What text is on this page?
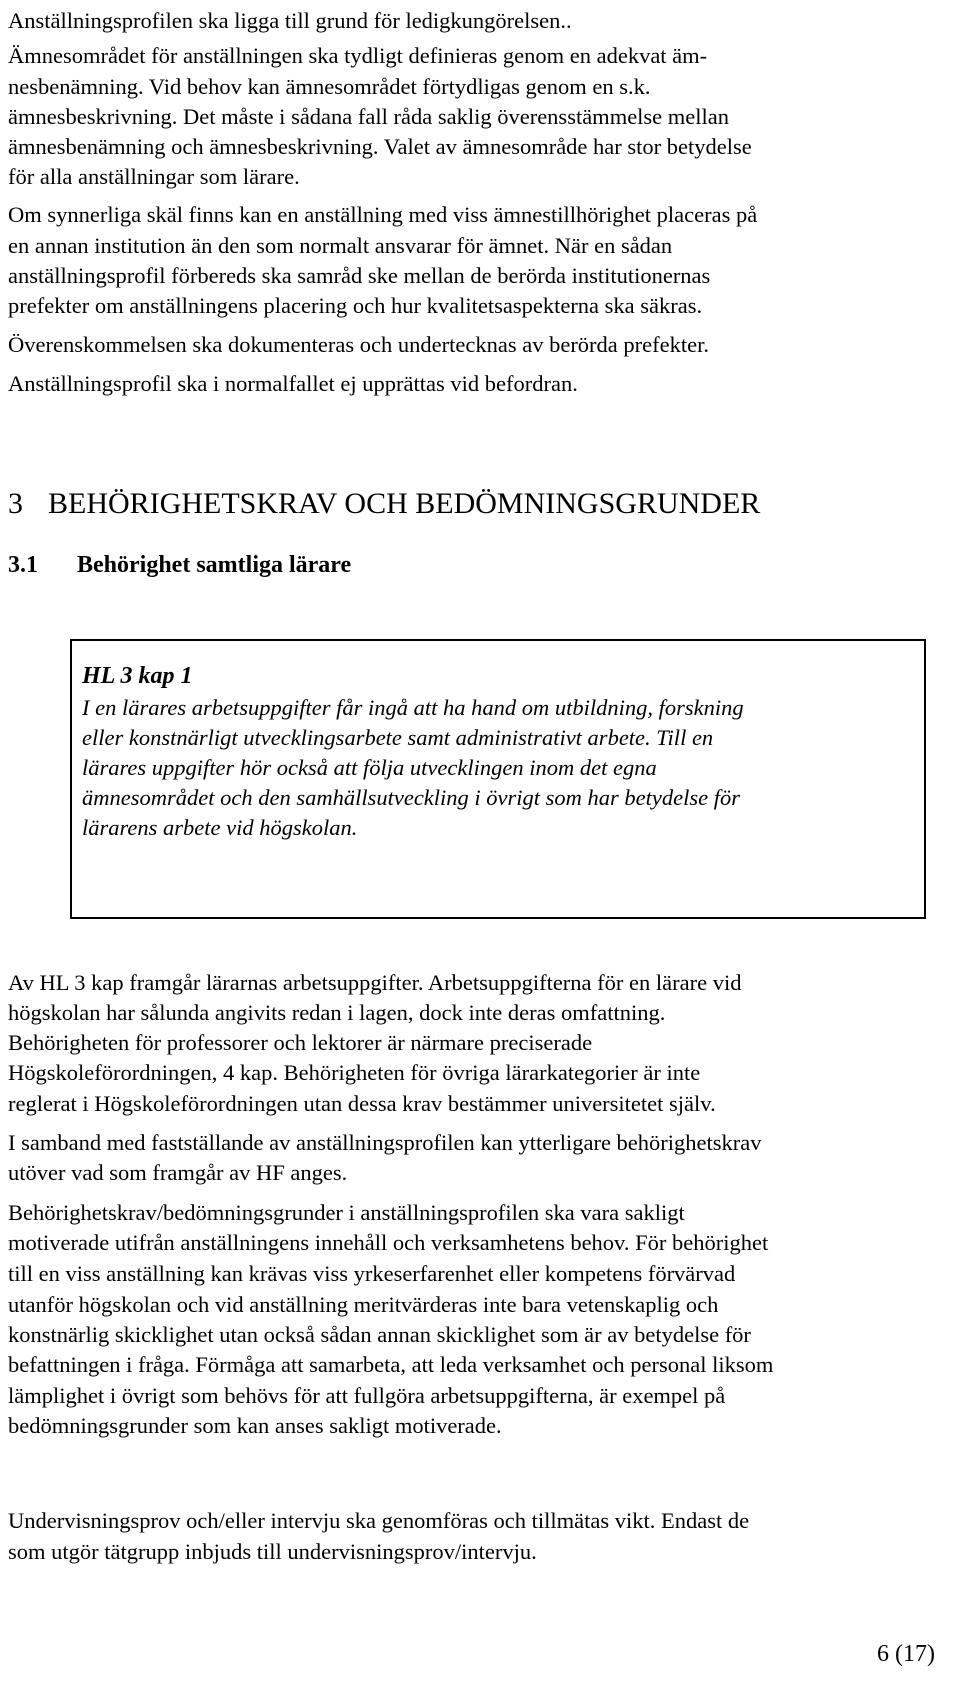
Anställningsprofilen ska ligga till grund för ledigkungörelsen..
Ämnesområdet för anställningen ska tydligt definieras genom en adekvat äm-
nesbenämning. Vid behov kan ämnesområdet förtydligas genom en s.k.
ämnesbeskrivning. Det måste i sådana fall råda saklig överensstämmelse mellan
ämnesbenämning och ämnesbeskrivning. Valet av ämnesområde har stor betydelse
för alla anställningar som lärare.
Om synnerliga skäl finns kan en anställning med viss ämnestillhörighet placeras på
en annan institution än den som normalt ansvarar för ämnet. När en sådan
anställningsprofil förbereds ska samråd ske mellan de berörda institutionernas
prefekter om anställningens placering och hur kvalitetsaspekterna ska säkras.
Överenskommelsen ska dokumenteras och undertecknas av berörda prefekter.
Anställningsprofil ska i normalfallet ej upprättas vid befordran.
3 BEHÖRIGHETSKRAV OCH BEDÖMNINGSGRUNDER
3.1 Behörighet samtliga lärare
HL 3 kap 1
I en lärares arbetsuppgifter får ingå att ha hand om utbildning, forskning
eller konstnärligt utvecklingsarbete samt administrativt arbete. Till en
lärares uppgifter hör också att följa utvecklingen inom det egna
ämnesområdet och den samhällsutveckling i övrigt som har betydelse för
lärarens arbete vid högskolan.
Av HL 3 kap framgår lärarnas arbetsuppgifter. Arbetsuppgifterna för en lärare vid
högskolan har sålunda angivits redan i lagen, dock inte deras omfattning.
Behörigheten för professorer och lektorer är närmare preciserade
Högskoleförordningen, 4 kap. Behörigheten för övriga lärarkategorier är inte
reglerat i Högskoleförordningen utan dessa krav bestämmer universitetet själv.
I samband med fastställande av anställningsprofilen kan ytterligare behörighetskrav
utöver vad som framgår av HF anges.
Behörighetskrav/bedömningsgrunder i anställningsprofilen ska vara sakligt
motiverade utifrån anställningens innehåll och verksamhetens behov. För behörighet
till en viss anställning kan krävas viss yrkeserfarenhet eller kompetens förvärvad
utanför högskolan och vid anställning meritvärderas inte bara vetenskaplig och
konstnärlig skicklighet utan också sådan annan skicklighet som är av betydelse för
befattningen i fråga. Förmåga att samarbeta, att leda verksamhet och personal liksom
lämplighet i övrigt som behövs för att fullgöra arbetsuppgifterna, är exempel på
bedömningsgrunder som kan anses sakligt motiverade.
Undervisningsprov och/eller intervju ska genomföras och tillmätas vikt. Endast de
som utgör tätgrupp inbjuds till undervisningsprov/intervju.
6 (17)
